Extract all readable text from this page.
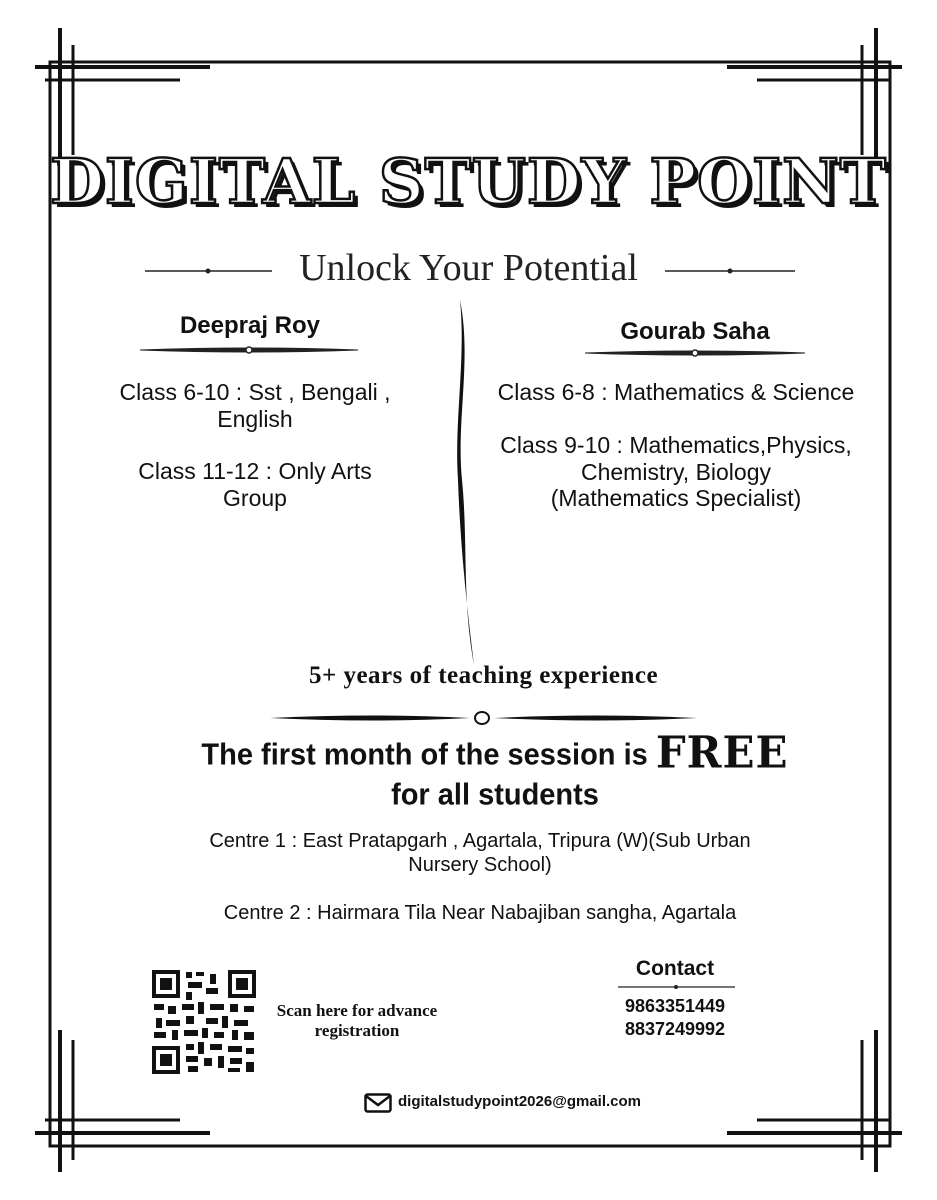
DIGITAL STUDY POINT
Unlock Your Potential
Deepraj Roy
Class 6-10 : Sst , Bengali , English
Class 11-12 : Only Arts Group
Gourab Saha
Class 6-8 : Mathematics & Science
Class 9-10 : Mathematics,Physics, Chemistry, Biology
(Mathematics Specialist)
5+ years of teaching experience
The first month of the session is FREE
for all students
Centre 1 : East Pratapgarh , Agartala, Tripura (W)(Sub Urban Nursery School)
Centre 2 : Hairmara Tila Near Nabajiban sangha, Agartala
Scan here for advance registration
Contact
9863351449
8837249992
digitalstudypoint2026@gmail.com
